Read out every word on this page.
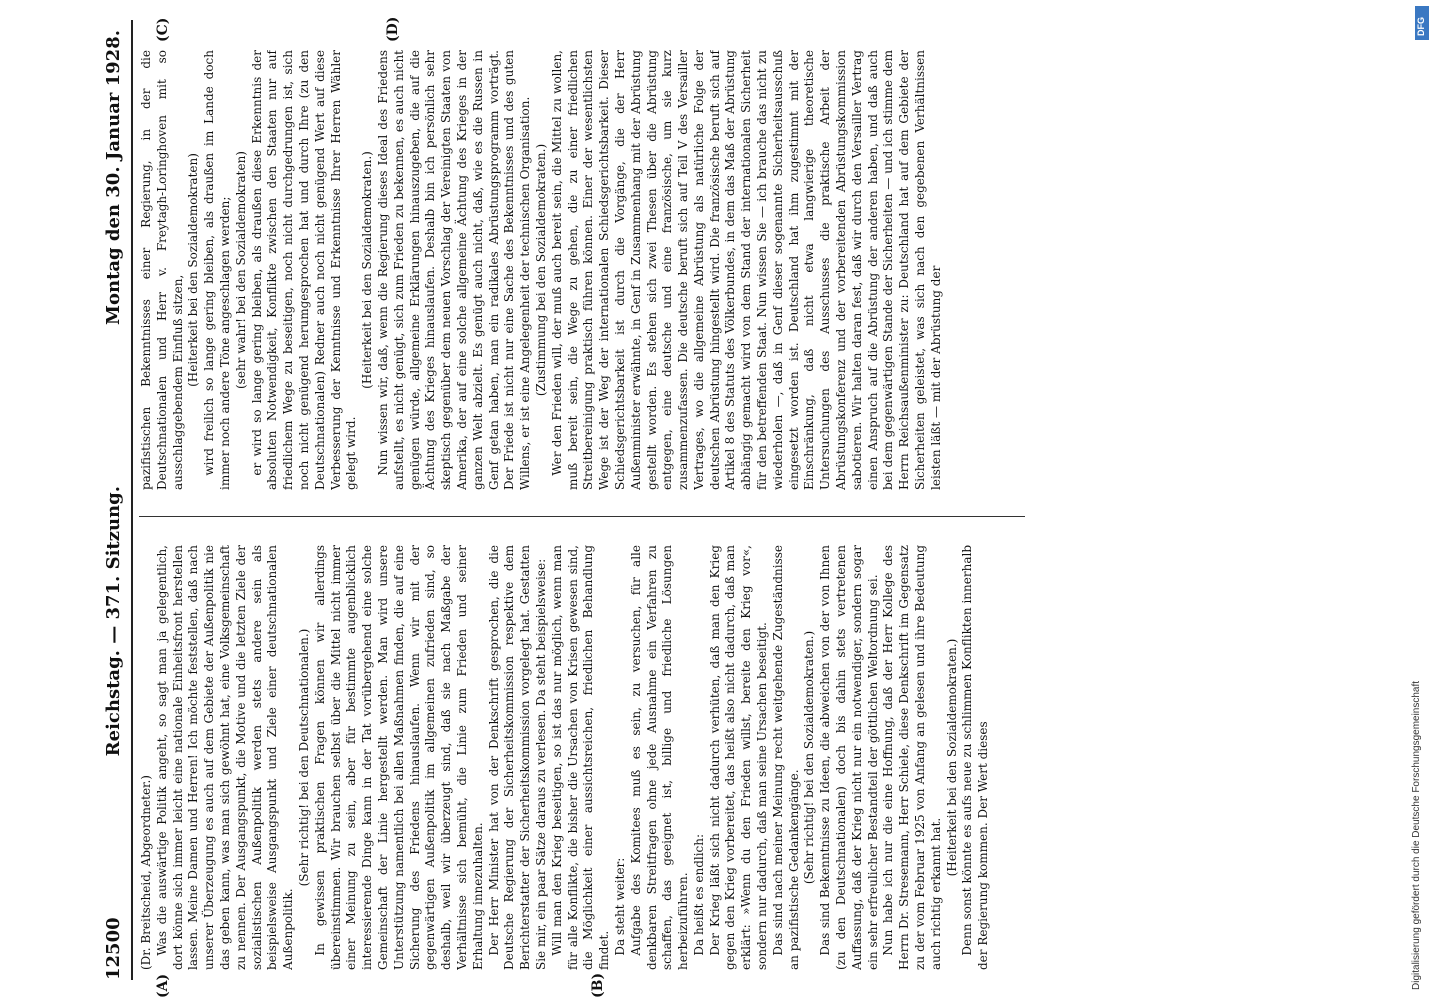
12500
Reichstag. — 371. Sitzung.
Montag den 30. Januar 1928.
(A)	(B)
(C)	(D)

(Dr. Breitscheid, Abgeordneter.) Was die auswärtige Politik angeht, so sagt man ja gelegentlich, dort könne sich immer leicht eine nationale Einheitsfront herstellen lassen. Meine Damen und Herren! Ich möchte feststellen, daß nach unserer Überzeugung es auch auf dem Gebiete der Außenpolitik nie das geben kann, was man sich gewöhnt hat, eine Volksgemeinschaft zu nennen. Der Ausgangspunkt, die Motive und die letzten Ziele der sozialistischen Außenpolitik werden stets andere sein als beispielsweise Ausgangspunkt und Ziele einer deutschnationalen Außenpolitik.

(Sehr richtig! bei den Deutschnationalen.) In gewissen praktischen Fragen können wir allerdings übereinstimmen. Wir brauchen selbst über die Mittel nicht immer einer Meinung zu sein, aber für bestimmte augenblicklich interessierende Dinge kann in der Tat vorübergehend eine solche Gemeinschaft der Linie hergestellt werden. Man wird unsere Unterstützung namentlich bei allen Maßnahmen finden, die auf eine Sicherung des Friedens hinauslaufen. Wenn wir mit der gegenwärtigen Außenpolitik im allgemeinen zufrieden sind, so deshalb, weil wir überzeugt sind, daß sie nach Maßgabe der Verhältnisse sich bemüht, die Linie zum Frieden und seiner Erhaltung innezuhalten. Der Herr Minister hat von der Denkschrift gesprochen, die die Deutsche Regierung der Sicherheitskommission respektive dem Berichterstatter der Sicherheitskommission vorgelegt hat. Gestatten Sie mir, ein paar Sätze daraus zu verlesen. Da steht beispielsweise: Will man den Krieg beseitigen, so ist das nur möglich, wenn man für alle Konflikte, die bisher die Ursachen von Krisen gewesen sind, die Möglichkeit einer aussichtsreichen, friedlichen Behandlung findet. Da steht weiter: Aufgabe des Komitees muß es sein, zu versuchen, für alle denkbaren Streitfragen ohne jede Ausnahme ein Verfahren zu schaffen, das geeignet ist, billige und friedliche Lösungen herbeizuführen. Da heißt es endlich: Der Krieg läßt sich nicht dadurch verhüten, daß man den Krieg gegen den Krieg vorbereitet, das heißt also nicht dadurch, daß man erklärt: »Wenn du den Frieden willst, bereite den Krieg vor«, sondern nur dadurch, daß man seine Ursachen beseitigt. Das sind nach meiner Meinung recht weitgehende Zugeständnisse an pazifistische Gedankengänge. (Sehr richtig! bei den Sozialdemokraten.) Das sind Bekenntnisse zu Ideen, die abweichen von der von Ihnen (zu den Deutschnationalen) doch bis dahin stets vertretenen Auffassung, daß der Krieg nicht nur ein notwendiger, sondern sogar ein sehr erfreulicher Bestandteil der göttlichen Weltordnung sei. Nun habe ich nur die eine Hoffnung, daß der Herr Kollege des Herrn Dr. Stresemann, Herr Schiele, diese Denkschrift im Gegensatz zu der vom Februar 1925 von Anfang an gelesen und ihre Bedeutung auch richtig erkannt hat.

(Heiterkeit bei den Sozialdemokraten.) Denn sonst könnte es aufs neue zu schlimmen Konflikten innerhalb der Regierung kommen. Der Wert dieses

pazifistischen Bekenntnisses einer Regierung, in der die Deutschnationalen und Herr v. Freytagh-Loringhoven mit so ausschlaggebendem Einfluß sitzen, (Heiterkeit bei den Sozialdemokraten) wird freilich so lange gering bleiben, als draußen im Lande doch immer noch andere Töne angeschlagen werden; (sehr wahr! bei den Sozialdemokraten) er wird so lange gering bleiben, als draußen diese Erkenntnis der absoluten Notwendigkeit, Konflikte zwischen den Staaten nur auf friedlichem Wege zu beseitigen, noch nicht durchgedrungen ist, sich noch nicht genügend herumgesprochen hat und durch Ihre (zu den Deutschnationalen) Redner auch noch nicht genügend Wert auf diese Verbesserung der Kenntnisse und Erkenntnisse Ihrer Herren Wähler gelegt wird.

(Heiterkeit bei den Sozialdemokraten.) Nun wissen wir, daß, wenn die Regierung dieses Ideal des Friedens aufstellt, es nicht genügt, sich zum Frieden zu bekennen, es auch nicht genügen würde, allgemeine Erklärungen hinauszugeben, die auf die Ächtung des Krieges hinauslaufen. Deshalb bin ich persönlich sehr skeptisch gegenüber dem neuen Vorschlag der Vereinigten Staaten von Amerika, der auf eine solche allgemeine Ächtung des Krieges in der ganzen Welt abzielt. Es genügt auch nicht, daß, wie es die Russen in Genf getan haben, man ein radikales Abrüstungsprogramm vorträgt. Der Friede ist nicht nur eine Sache des Bekenntnisses und des guten Willens, er ist eine Angelegenheit der technischen Organisation. (Zustimmung bei den Sozialdemokraten.) Wer den Frieden will, der muß auch bereit sein, die Mittel zu wollen, muß bereit sein, die Wege zu gehen, die zu einer friedlichen Streitbereinigung praktisch führen können. Einer der wesentlichsten Wege ist der Weg der internationalen Schiedsgerichtsbarkeit. Dieser Schiedsgerichtsbarkeit ist durch die Vorgänge, die der Herr Außenminister erwähnte, in Genf in Zusammenhang mit der Abrüstung gestellt worden. Es stehen sich zwei Thesen über die Abrüstung entgegen, eine deutsche und eine französische, um sie kurz zusammenzufassen. Die deutsche beruft sich auf Teil V des Versailler Vertrages, wo die allgemeine Abrüstung als natürliche Folge der deutschen Abrüstung hingestellt wird. Die französische beruft sich auf Artikel 8 des Statuts des Völkerbundes, in dem das Maß der Abrüstung abhängig gemacht wird von dem Stand der internationalen Sicherheit für den betreffenden Staat. Nun wissen Sie — ich brauche das nicht zu wiederholen —, daß in Genf dieser sogenannte Sicherheitsausschuß eingesetzt worden ist. Deutschland hat ihm zugestimmt mit der Einschränkung, daß nicht etwa langwierige theoretische Untersuchungen des Ausschusses die praktische Arbeit der Abrüstungskonferenz und der vorbereitenden Abrüstungskommission sabotieren. Wir halten daran fest, daß wir durch den Versailler Vertrag einen Anspruch auf die Abrüstung der anderen haben, und daß auch bei dem gegenwärtigen Stande der Sicherheiten — und ich stimme dem Herrn Reichsaußenminister zu: Deutschland hat auf dem Gebiete der Sicherheiten geleistet, was sich nach den gegebenen Verhältnissen leisten läßt — mit der Abrüstung der

Digitalisierung gefördert durch die Deutsche Forschungsgemeinschaft
DFG
